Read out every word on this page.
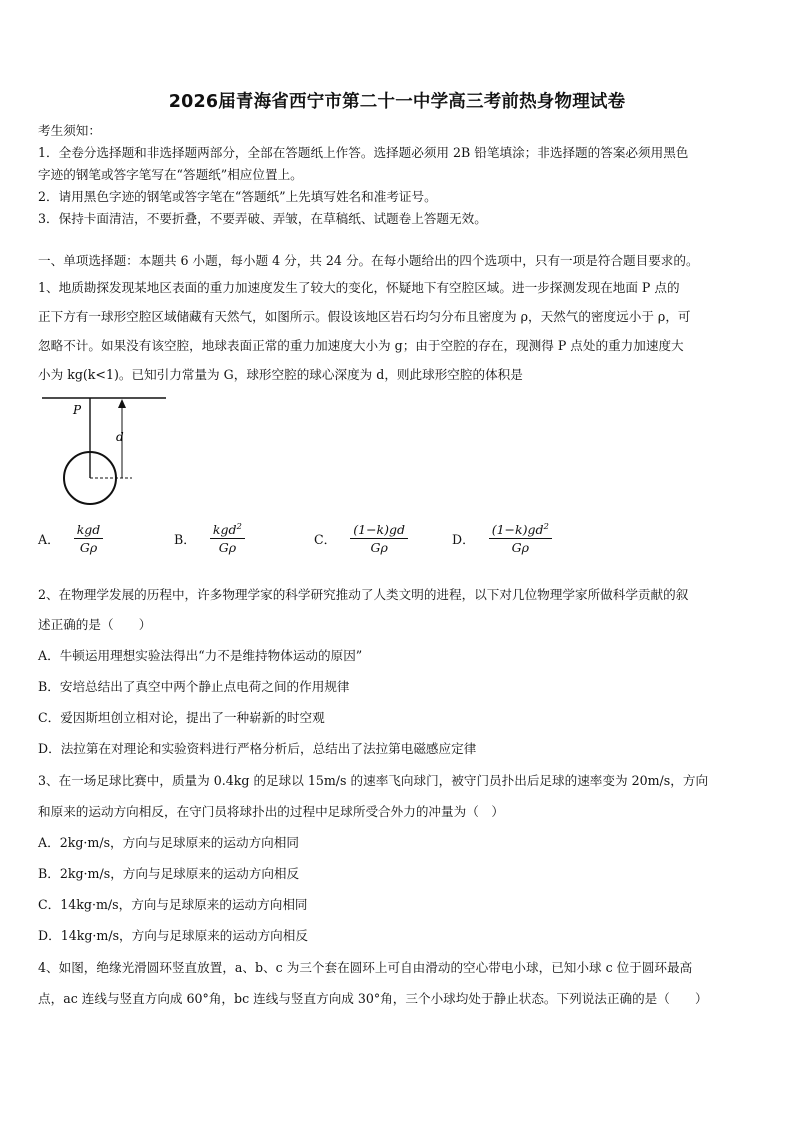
2026届青海省西宁市第二十一中学高三考前热身物理试卷
考生须知：
1．全卷分选择题和非选择题两部分，全部在答题纸上作答。选择题必须用 2B 铅笔填涂；非选择题的答案必须用黑色
字迹的钢笔或答字笔写在“答题纸”相应位置上。
2．请用黑色字迹的钢笔或答字笔在“答题纸”上先填写姓名和准考证号。
3．保持卡面清洁，不要折叠，不要弄破、弄皱，在草稿纸、试题卷上答题无效。
一、单项选择题：本题共 6 小题，每小题 4 分，共 24 分。在每小题给出的四个选项中，只有一项是符合题目要求的。
1、地质勘探发现某地区表面的重力加速度发生了较大的变化，怀疑地下有空腔区域。进一步探测发现在地面 P 点的
正下方有一球形空腔区域储藏有天然气，如图所示。假设该地区岩石均匀分布且密度为 ρ，天然气的密度远小于 ρ，可
忽略不计。如果没有该空腔，地球表面正常的重力加速度大小为 g；由于空腔的存在，现测得 P 点处的重力加速度大
小为 kg(k<1)。已知引力常量为 G，球形空腔的球心深度为 d，则此球形空腔的体积是
P
d
A． $\frac{\text{kgd}}{G\rho}$	B． $\frac{kgd^2}{G\rho}$	C． $\frac{(1-k)gd}{G\rho}$	D． $\frac{(1-k)gd^2}{G\rho}$
2、在物理学发展的历程中，许多物理学家的科学研究推动了人类文明的进程，以下对几位物理学家所做科学贡献的叙
述正确的是（　　）
A．牛顿运用理想实验法得出“力不是维持物体运动的原因”
B．安培总结出了真空中两个静止点电荷之间的作用规律
C．爱因斯坦创立相对论，提出了一种崭新的时空观
D．法拉第在对理论和实验资料进行严格分析后，总结出了法拉第电磁感应定律
3、在一场足球比赛中，质量为 0.4kg 的足球以 15m/s 的速率飞向球门，被守门员扑出后足球的速率变为 20m/s，方向
和原来的运动方向相反，在守门员将球扑出的过程中足球所受合外力的冲量为（　）
A．2kg·m/s，方向与足球原来的运动方向相同
B．2kg·m/s，方向与足球原来的运动方向相反
C．14kg·m/s，方向与足球原来的运动方向相同
D．14kg·m/s，方向与足球原来的运动方向相反
4、如图，绝缘光滑圆环竖直放置，a、b、c 为三个套在圆环上可自由滑动的空心带电小球，已知小球 c 位于圆环最高
点，ac 连线与竖直方向成 60°角，bc 连线与竖直方向成 30°角，三个小球均处于静止状态。下列说法正确的是（　　）
